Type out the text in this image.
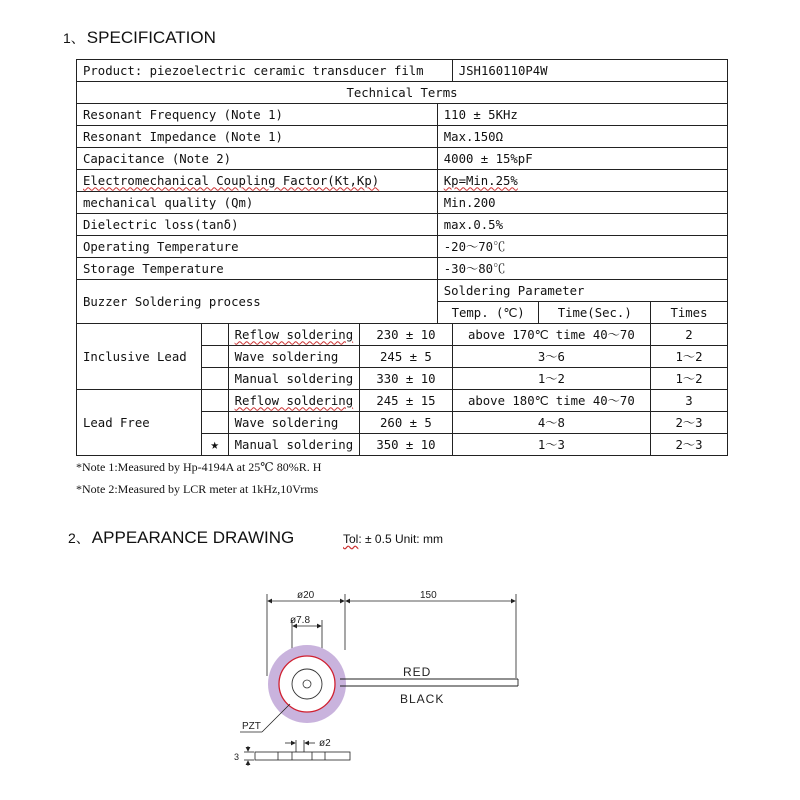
1、 SPECIFICATION
Product: piezoelectric ceramic transducer film					JSH160110P4W		
Technical Terms							
Resonant Frequency (Note 1)				110 ± 5KHz			
Resonant Impedance (Note 1)				Max.150Ω			
Capacitance (Note 2)				4000 ± 15%pF			
Electromechanical Coupling Factor(Kt,Kp)				Kp=Min.25%			
mechanical quality (Qm)				Min.200			
Dielectric loss(tanδ)				max.0.5%			
Operating Temperature				-20～70℃			
Storage Temperature				-30～80℃			
Buzzer Soldering process				Soldering Parameter			
				Temp. (℃)		Time(Sec.)	Times
Inclusive Lead		Reflow soldering	230 ± 10		above 170℃ time 40～70		2
		Wave soldering	245 ± 5		3～6		1～2
		Manual soldering	330 ± 10		1～2		1～2
Lead Free		Reflow soldering	245 ± 15		above 180℃ time 40～70		3
		Wave soldering	260 ± 5		4～8		2～3
	★	Manual soldering	350 ± 10		1～3		2～3
*Note 1:Measured by Hp-4194A at 25℃ 80%R. H
*Note 2:Measured by LCR meter at 1kHz,10Vrms
2、 APPEARANCE DRAWING	Tol: ± 0.5 Unit: mm
RED
BLACK
ø20	150
ø7.8
PZT
ø2
3
